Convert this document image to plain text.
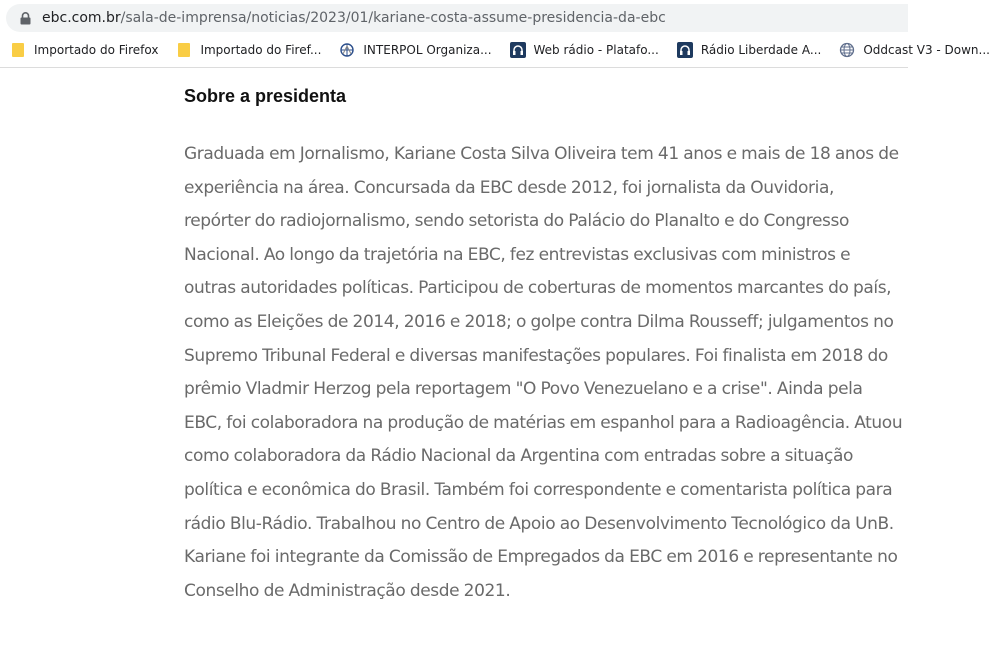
ebc.com.br/sala-de-imprensa/noticias/2023/01/kariane-costa-assume-presidencia-da-ebc
Importado do Firefox	Importado do Firef...	INTERPOL Organiza...	Web rádio - Platafo...	Rádio Liberdade A...	Oddcast V3 - Down...
Sobre a presidenta

Graduada em Jornalismo, Kariane Costa Silva Oliveira tem 41 anos e mais de 18 anos de experiência na área. Concursada da EBC desde 2012, foi jornalista da Ouvidoria, repórter do radiojornalismo, sendo setorista do Palácio do Planalto e do Congresso Nacional. Ao longo da trajetória na EBC, fez entrevistas exclusivas com ministros e outras autoridades políticas. Participou de coberturas de momentos marcantes do país, como as Eleições de 2014, 2016 e 2018; o golpe contra Dilma Rousseff; julgamentos no Supremo Tribunal Federal e diversas manifestações populares. Foi finalista em 2018 do prêmio Vladmir Herzog pela reportagem "O Povo Venezuelano e a crise". Ainda pela EBC, foi colaboradora na produção de matérias em espanhol para a Radioagência. Atuou como colaboradora da Rádio Nacional da Argentina com entradas sobre a situação política e econômica do Brasil. Também foi correspondente e comentarista política para rádio Blu-Rádio. Trabalhou no Centro de Apoio ao Desenvolvimento Tecnológico da UnB. Kariane foi integrante da Comissão de Empregados da EBC em 2016 e representante no Conselho de Administração desde 2021.
